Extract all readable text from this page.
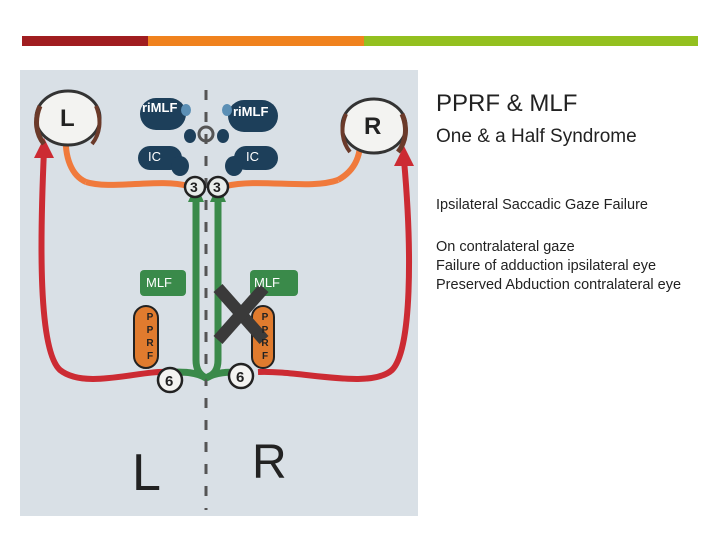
L	R
3 3
6	6
L R
riMLF	riMLF
IC	IC
MLF	MLF
P
P
R
F
P
P
R
F
PPRF & MLF
One & a Half Syndrome
Ipsilateral Saccadic Gaze Failure
On contralateral gaze
Failure of adduction ipsilateral eye
Preserved Abduction contralateral eye
